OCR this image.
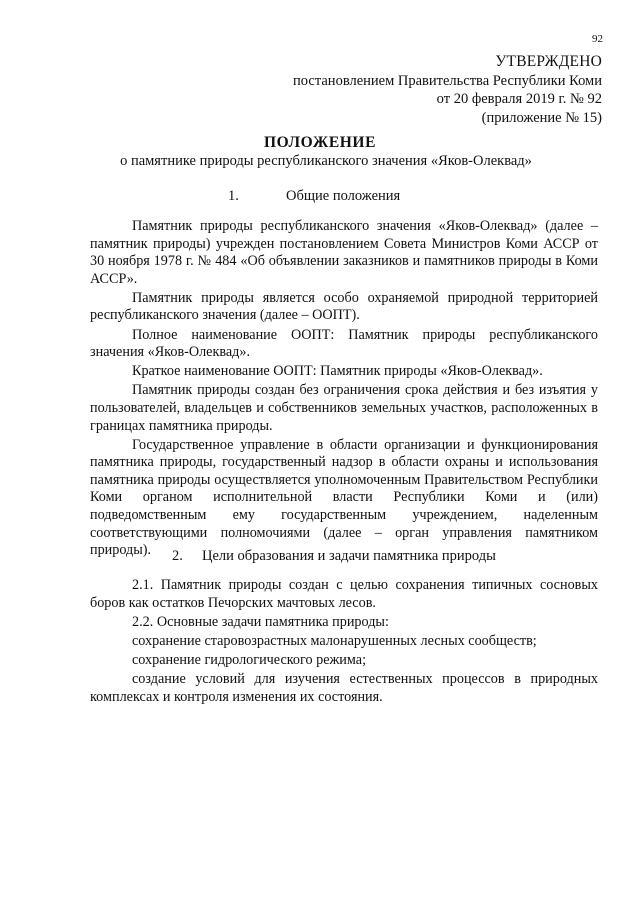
92
УТВЕРЖДЕНО
постановлением Правительства Республики Коми
от 20 февраля 2019 г. № 92
(приложение № 15)
ПОЛОЖЕНИЕ
о памятнике природы республиканского значения «Яков-Олеквад»
1.	Общие положения

Памятник природы республиканского значения «Яков-Олеквад» (далее – памятник природы) учрежден постановлением Совета Министров Коми АССР от 30 ноября 1978 г. № 484 «Об объявлении заказников и памятников природы в Коми АССР».

Памятник природы является особо охраняемой природной территорией республиканского значения (далее – ООПТ).

Полное наименование ООПТ: Памятник природы республиканского значения «Яков-Олеквад».

Краткое наименование ООПТ: Памятник природы «Яков-Олеквад».

Памятник природы создан без ограничения срока действия и без изъятия у пользователей, владельцев и собственников земельных участков, расположенных в границах памятника природы.

Государственное управление в области организации и функционирования памятника природы, государственный надзор в области охраны и использования памятника природы осуществляется уполномоченным Правительством Республики Коми органом исполнительной власти Республики Коми и (или) подведомственным ему государственным учреждением, наделенным соответствующими полномочиями (далее – орган управления памятником природы).	2. Цели образования и задачи памятника природы

2.1. Памятник природы создан с целью сохранения типичных сосновых боров как остатков Печорских мачтовых лесов.

2.2. Основные задачи памятника природы:

сохранение старовозрастных малонарушенных лесных сообществ;

сохранение гидрологического режима;

создание условий для изучения естественных процессов в природных комплексах и контроля изменения их состояния.
